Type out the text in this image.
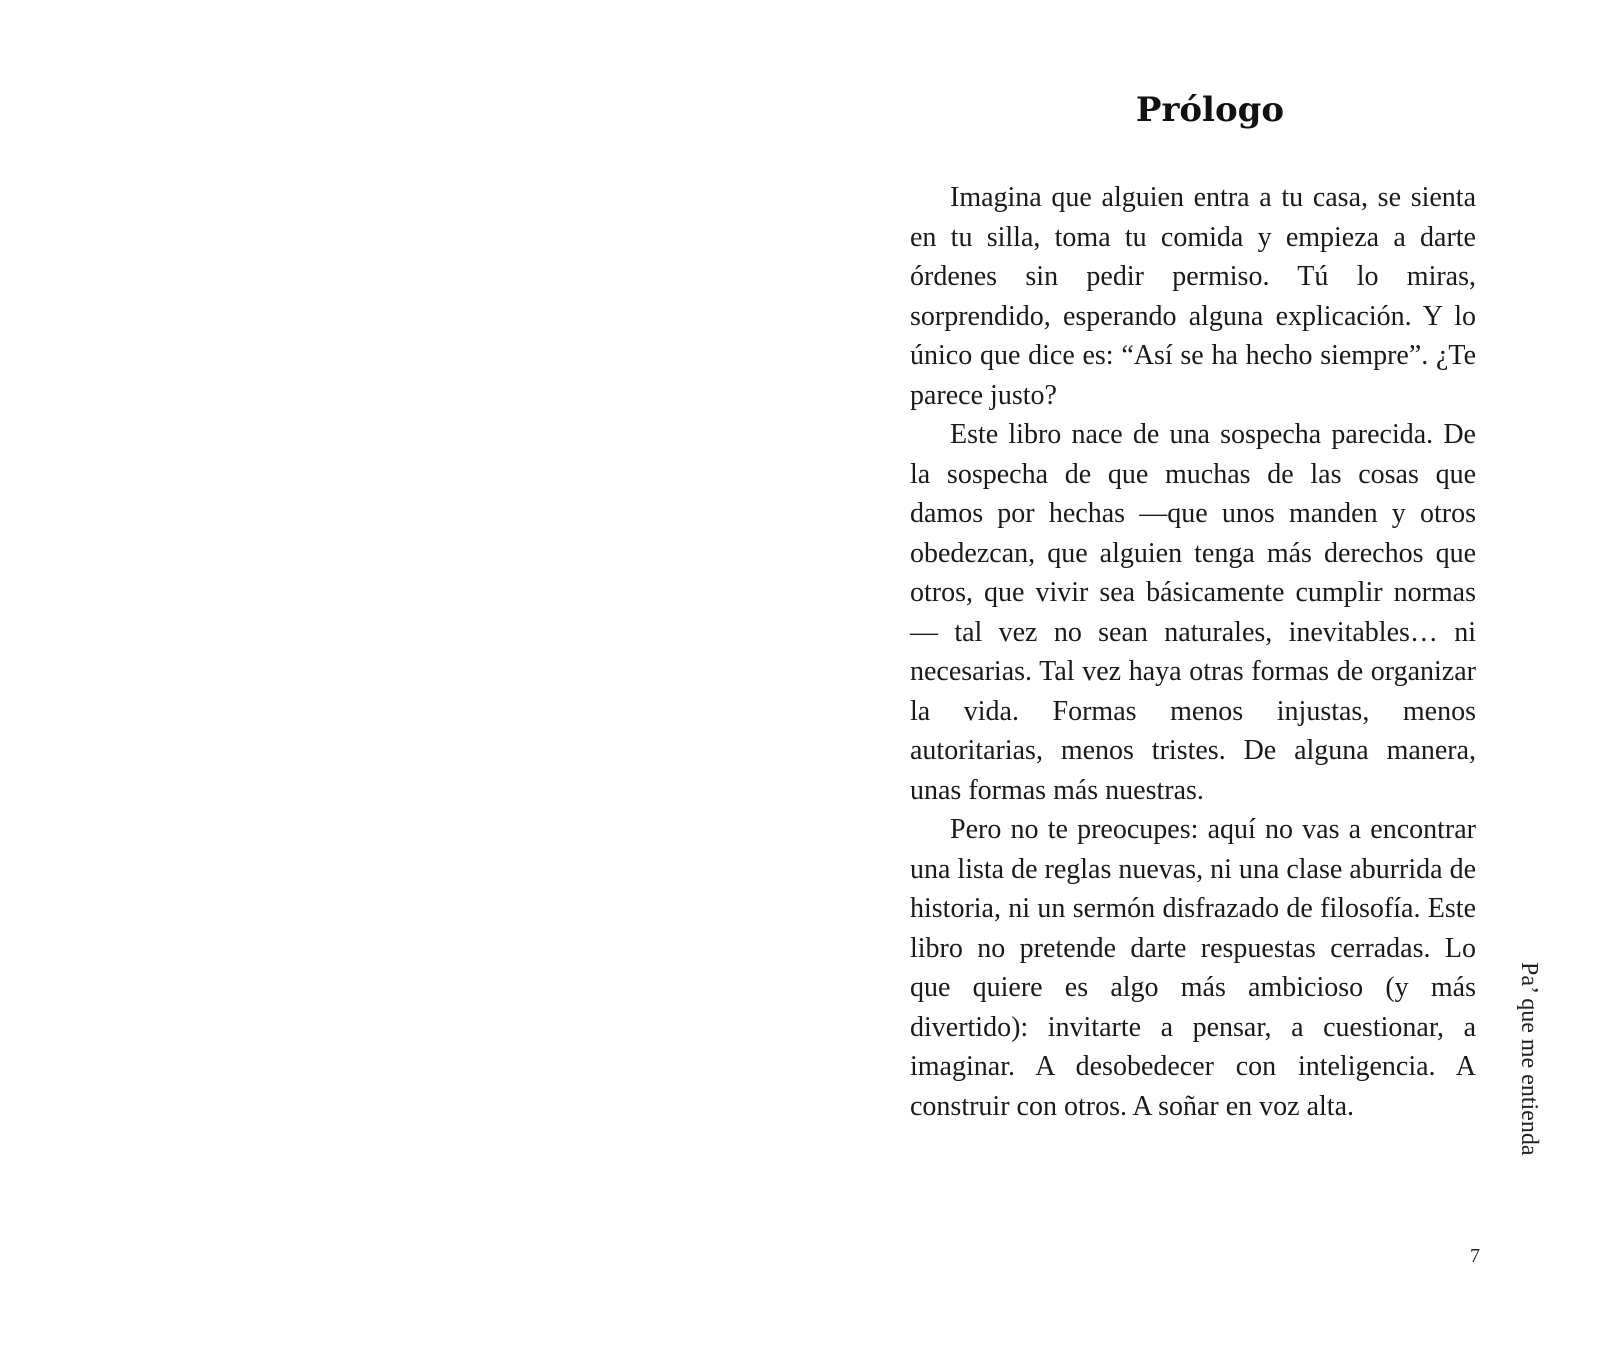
Prólogo

Imagina que alguien entra a tu casa, se sienta en tu silla, toma tu comida y empieza a darte órdenes sin pedir permiso. Tú lo miras, sorprendido, esperando alguna explicación. Y lo único que dice es: “Así se ha hecho siempre”. ¿Te parece justo?

Este libro nace de una sospecha parecida. De la sospecha de que muchas de las cosas que damos por hechas —que unos manden y otros obedezcan, que alguien tenga más derechos que otros, que vivir sea básicamente cumplir normas— tal vez no sean naturales, inevitables… ni necesarias. Tal vez haya otras formas de organizar la vida. Formas menos injustas, menos autoritarias, menos tristes. De alguna manera, unas formas más nuestras.

Pero no te preocupes: aquí no vas a encontrar una lista de reglas nuevas, ni una clase aburrida de historia, ni un sermón disfrazado de filosofía. Este libro no pretende darte respuestas cerradas. Lo que quiere es algo más ambicioso (y más divertido): invitarte a pensar, a cuestionar, a imaginar. A desobedecer con inteligencia. A construir con otros. A soñar en voz alta.	Pa’ que me entienda
7
